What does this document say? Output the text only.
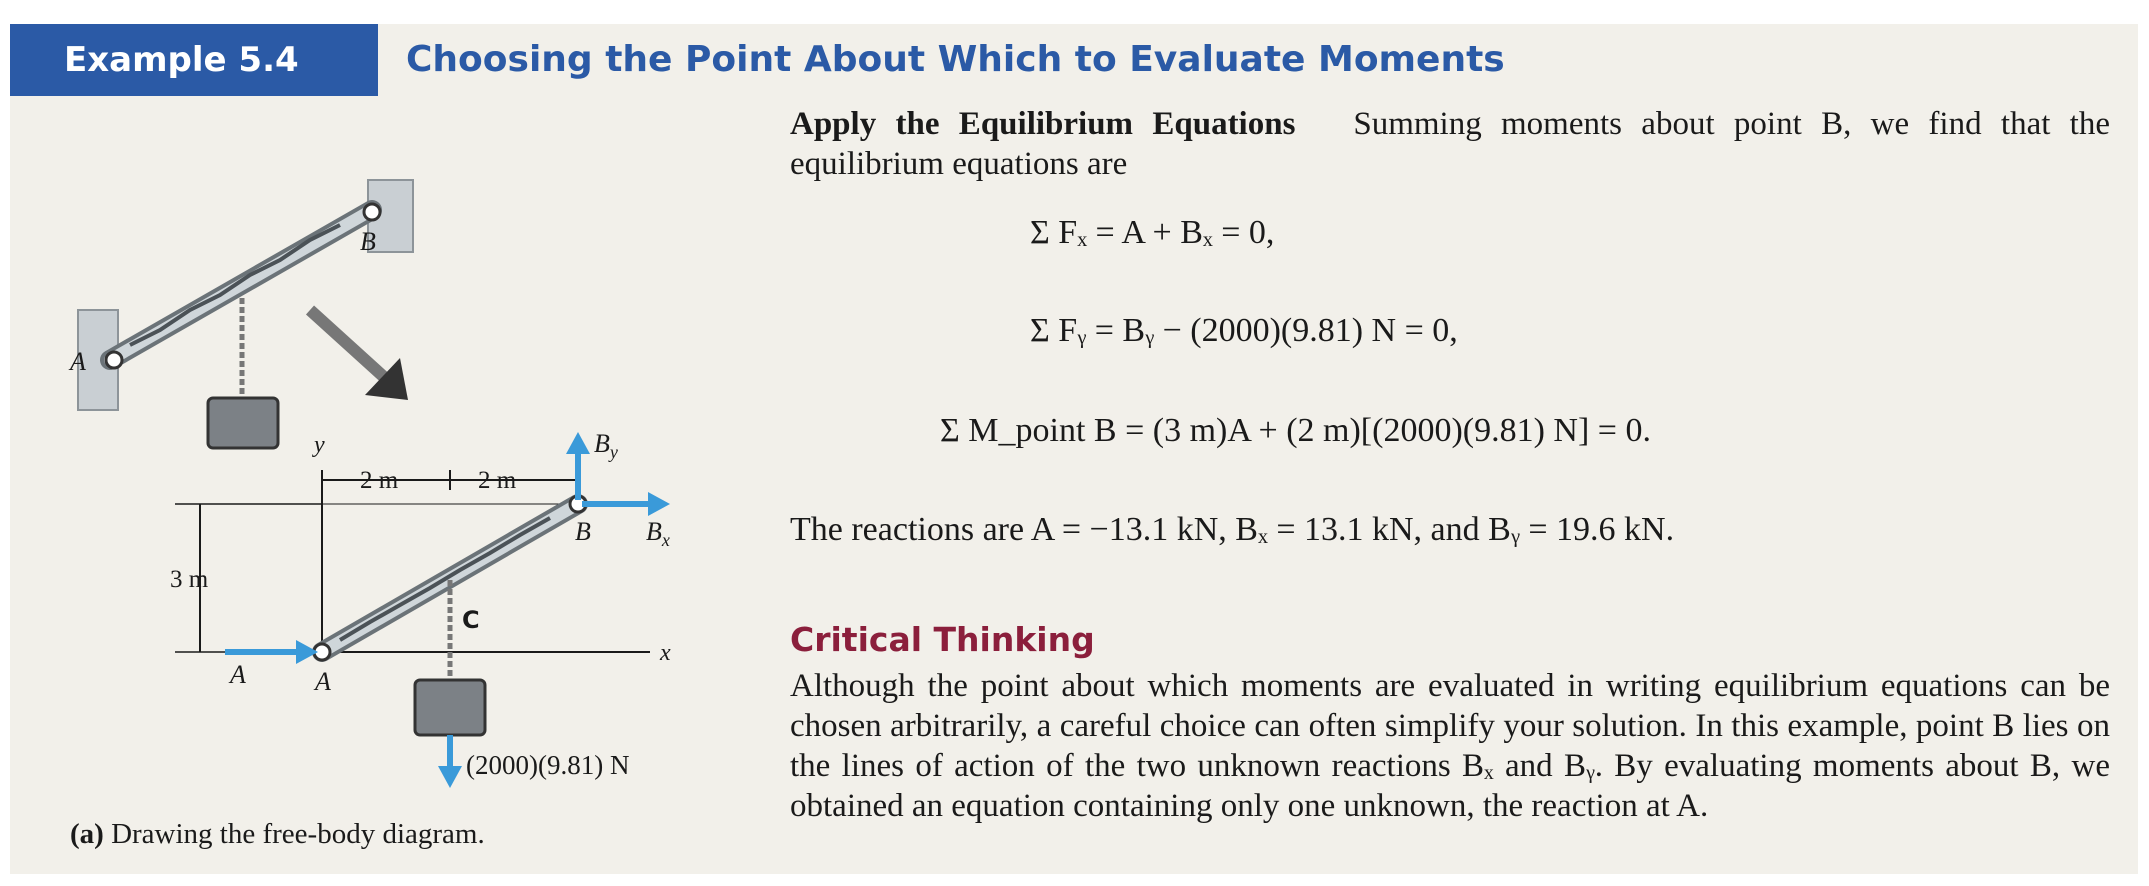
Example 5.4	Choosing the Point About Which to Evaluate Moments
A
B
y
x
2 m	2 m
3 m
C
A
B
A
$B_x$
$B_y$
(2000)(9.81) N
(a) Drawing the free-body diagram.
Apply the Equilibrium Equations Summing moments about point B, we find that the equilibrium equations are
Σ Fₓ = A + Bₓ = 0,
Σ Fᵧ = Bᵧ − (2000)(9.81) N = 0,
Σ M_point B = (3 m)A + (2 m)[(2000)(9.81) N] = 0.
The reactions are A = −13.1 kN, Bₓ = 13.1 kN, and Bᵧ = 19.6 kN.
Critical Thinking
Although the point about which moments are evaluated in writing equilibrium equations can be chosen arbitrarily, a careful choice can often simplify your solution. In this example, point B lies on the lines of action of the two unknown reactions Bₓ and Bᵧ. By evaluating moments about B, we obtained an equation containing only one unknown, the reaction at A.
